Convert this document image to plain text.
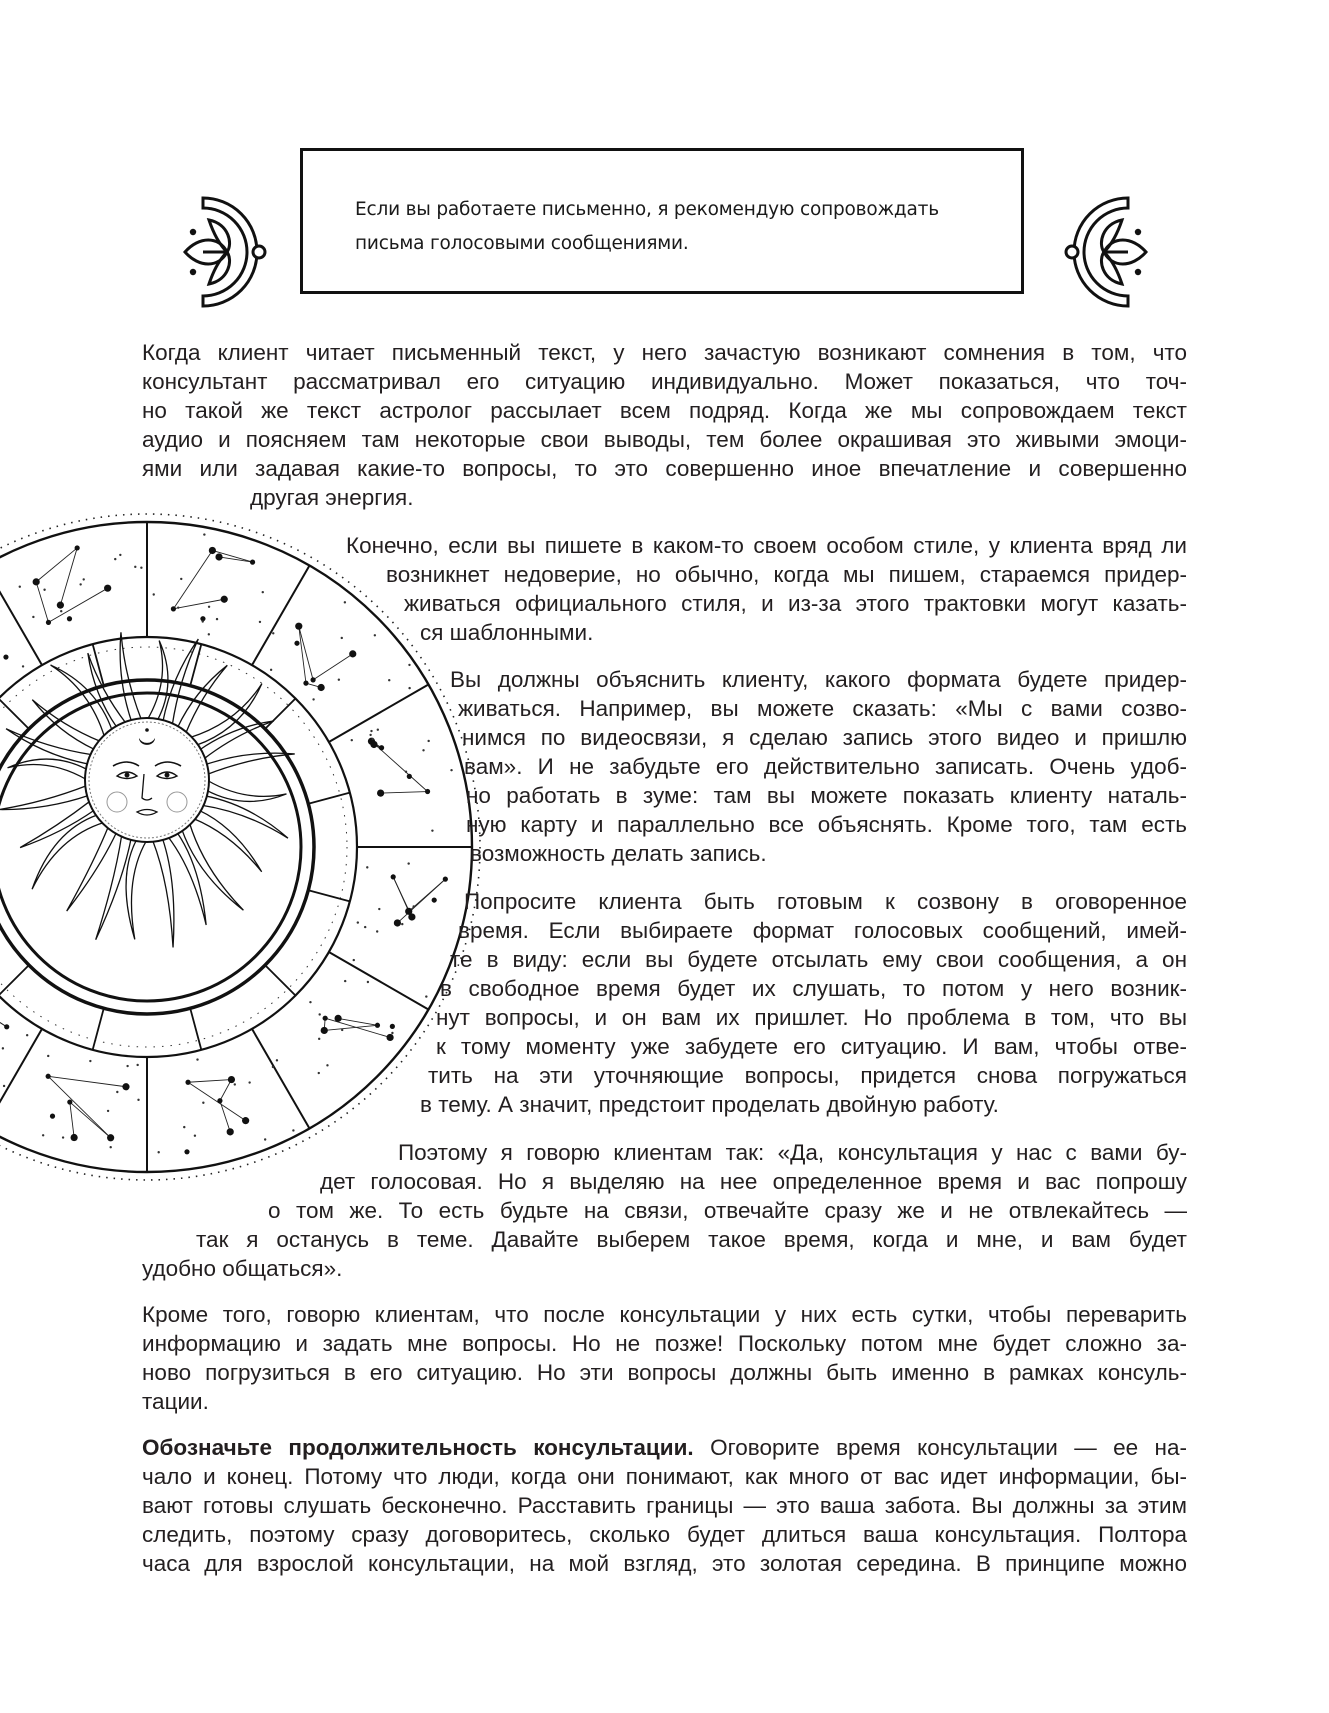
Если вы работаете письменно, я рекомендую сопровождать
письма голосовыми сообщениями.
Когда клиент читает письменный текст, у него зачастую возникают сомнения в том, что
консультант рассматривал его ситуацию индивидуально. Может показаться, что точ-
но такой же текст астролог рассылает всем подряд. Когда же мы сопровождаем текст
аудио и поясняем там некоторые свои выводы, тем более окрашивая это живыми эмоци-
ями или задавая какие-то вопросы, то это совершенно иное впечатление и совершенно
другая энергия.
Конечно, если вы пишете в каком-то своем особом стиле, у клиента вряд ли
возникнет недоверие, но обычно, когда мы пишем, стараемся придер-
живаться официального стиля, и из-за этого трактовки могут казать-
ся шаблонными.
Вы должны объяснить клиенту, какого формата будете придер-
живаться. Например, вы можете сказать: «Мы с вами созво-
нимся по видеосвязи, я сделаю запись этого видео и пришлю
вам». И не забудьте его действительно записать. Очень удоб-
но работать в зуме: там вы можете показать клиенту наталь-
ную карту и параллельно все объяснять. Кроме того, там есть
возможность делать запись.
Попросите клиента быть готовым к созвону в оговоренное
время. Если выбираете формат голосовых сообщений, имей-
те в виду: если вы будете отсылать ему свои сообщения, а он
в свободное время будет их слушать, то потом у него возник-
нут вопросы, и он вам их пришлет. Но проблема в том, что вы
к тому моменту уже забудете его ситуацию. И вам, чтобы отве-
тить на эти уточняющие вопросы, придется снова погружаться
в тему. А значит, предстоит проделать двойную работу.
Поэтому я говорю клиентам так: «Да, консультация у нас с вами бу-
дет голосовая. Но я выделяю на нее определенное время и вас попрошу
о том же. То есть будьте на связи, отвечайте сразу же и не отвлекайтесь —
так я останусь в теме. Давайте выберем такое время, когда и мне, и вам будет
удобно общаться».
Кроме того, говорю клиентам, что после консультации у них есть сутки, чтобы переварить
информацию и задать мне вопросы. Но не позже! Поскольку потом мне будет сложно за-
ново погрузиться в его ситуацию. Но эти вопросы должны быть именно в рамках консуль-
тации.
Обозначьте продолжительность консультации. Оговорите время консультации — ее на-
чало и конец. Потому что люди, когда они понимают, как много от вас идет информации, бы-
вают готовы слушать бесконечно. Расставить границы — это ваша забота. Вы должны за этим
следить, поэтому сразу договоритесь, сколько будет длиться ваша консультация. Полтора
часа для взрослой консультации, на мой взгляд, это золотая середина. В принципе можно
